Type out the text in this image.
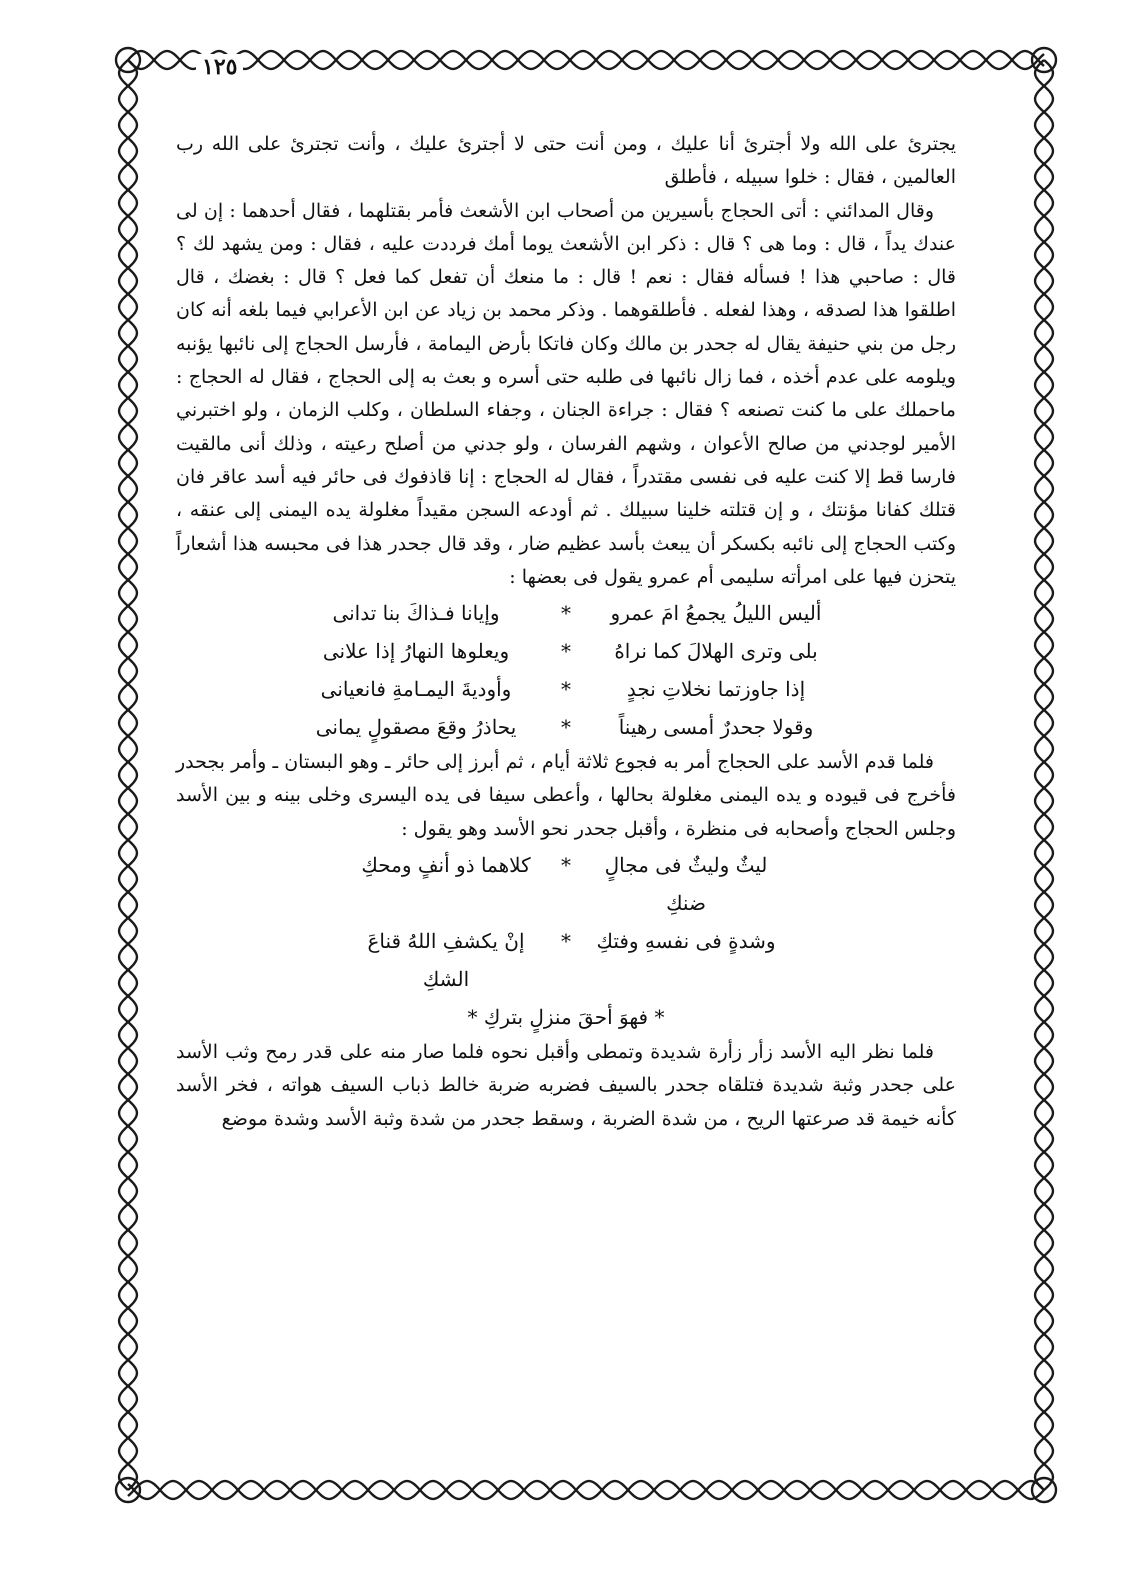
١٢٥

يجترئ على الله ولا أجترئ أنا عليك ، ومن أنت حتى لا أجترئ عليك ، وأنت تجترئ على الله رب العالمين ، فقال : خلوا سبيله ، فأطلق

وقال المدائني : أتى الحجاج بأسيرين من أصحاب ابن الأشعث فأمر بقتلهما ، فقال أحدهما : إن لى عندك يداً ، قال : وما هى ؟ قال : ذكر ابن الأشعث يوما أمك فرددت عليه ، فقال : ومن يشهد لك ؟ قال : صاحبي هذا ! فسأله فقال : نعم ! قال : ما منعك أن تفعل كما فعل ؟ قال : بغضك ، قال اطلقوا هذا لصدقه ، وهذا لفعله . فأطلقوهما . وذكر محمد بن زياد عن ابن الأعرابي فيما بلغه أنه كان رجل من بني حنيفة يقال له جحدر بن مالك وكان فاتكا بأرض اليمامة ، فأرسل الحجاج إلى نائبها يؤنبه ويلومه على عدم أخذه ، فما زال نائبها فى طلبه حتى أسره و بعث به إلى الحجاج ، فقال له الحجاج : ماحملك على ما كنت تصنعه ؟ فقال : جراءة الجنان ، وجفاء السلطان ، وكلب الزمان ، ولو اختبرني الأمير لوجدني من صالح الأعوان ، وشهم الفرسان ، ولو جدني من أصلح رعيته ، وذلك أنى مالقيت فارسا قط إلا كنت عليه فى نفسى مقتدراً ، فقال له الحجاج : إنا قاذفوك فى حائر فيه أسد عاقر فان قتلك كفانا مؤنتك ، و إن قتلته خلينا سبيلك . ثم أودعه السجن مقيداً مغلولة يده اليمنى إلى عنقه ، وكتب الحجاج إلى نائبه بكسكر أن يبعث بأسد عظيم ضار ، وقد قال جحدر هذا فى محبسه هذا أشعاراً يتحزن فيها على امرأته سليمى أم عمرو يقول فى بعضها :

أليس الليلُ يجمعُ امَ عمرو
*
وإيانا فـذاكَ بنا تدانى
بلى وترى الهلالَ كما نراهُ
*
ويعلوها النهارُ إذا علانى
إذا جاوزتما نخلاتِ نجدٍ
*
وأوديةَ اليمـامةِ فانعيانى
وقولا جحدرٌ أمسى رهيناً
*
يحاذرُ وقعَ مصقولٍ يمانى

فلما قدم الأسد على الحجاج أمر به فجوع ثلاثة أيام ، ثم أبرز إلى حائر ـ وهو البستان ـ وأمر بجحدر فأخرج فى قيوده و يده اليمنى مغلولة بحالها ، وأعطى سيفا فى يده اليسرى وخلى بينه و بين الأسد وجلس الحجاج وأصحابه فى منظرة ، وأقبل جحدر نحو الأسد وهو يقول :

ليثٌ وليثٌ فى مجالٍ ضنكِ
*
كلاهما ذو أنفٍ ومحكِ
وشدةٍ فى نفسهِ وفتكِ
*
إنْ يكشفِ اللهُ قناعَ الشكِ
* فهوَ أحقَ منزلٍ بتركِ *

فلما نظر اليه الأسد زأر زأرة شديدة وتمطى وأقبل نحوه فلما صار منه على قدر رمح وثب الأسد على جحدر وثبة شديدة فتلقاه جحدر بالسيف فضربه ضربة خالط ذباب السيف هواته ، فخر الأسد كأنه خيمة قد صرعتها الريح ، من شدة الضربة ، وسقط جحدر من شدة وثبة الأسد وشدة موضع
